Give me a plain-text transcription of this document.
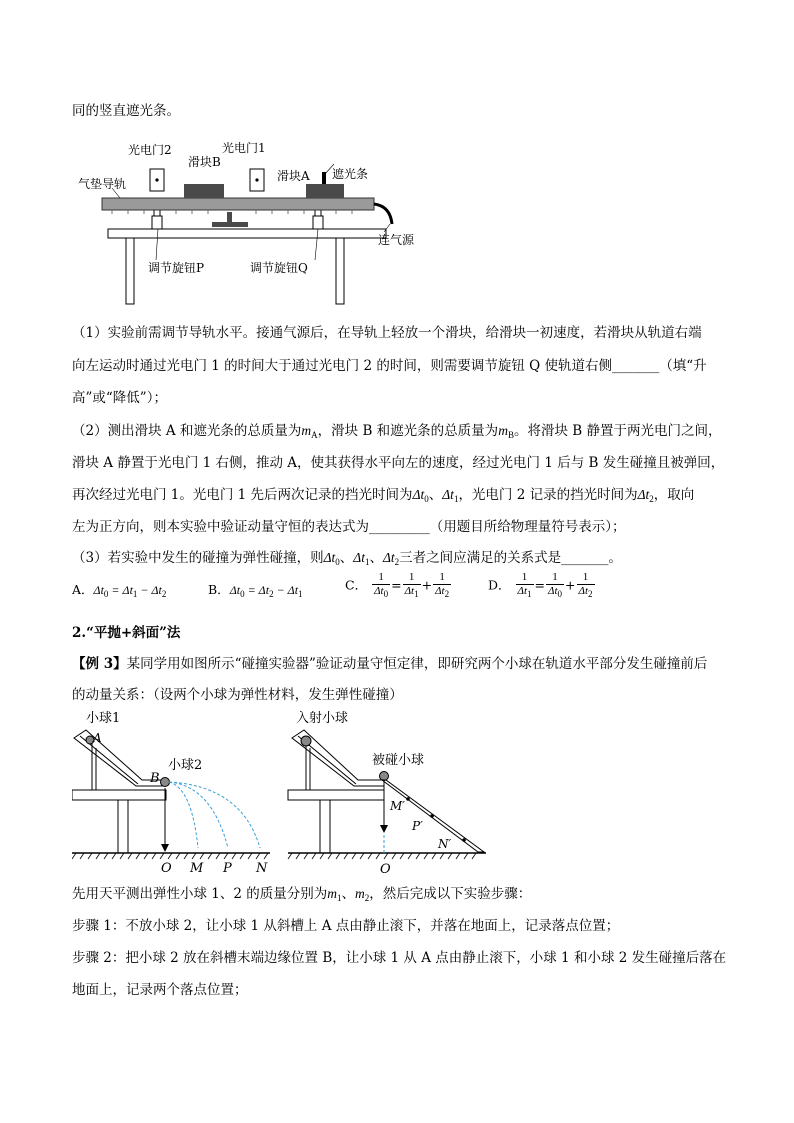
同的竖直遮光条。
光电门2
滑块B
光电门1
滑块A 遮光条
气垫导轨
连气源
调节旋钮P	调节旋钮Q
（1）实验前需调节导轨水平。接通气源后，在导轨上轻放一个滑块，给滑块一初速度，若滑块从轨道右端
向左运动时通过光电门 1 的时间大于通过光电门 2 的时间，则需要调节旋钮 Q 使轨道右侧_______（填“升
高”或“降低”）；
（2）测出滑块 A 和遮光条的总质量为$m_A$，滑块 B 和遮光条的总质量为$m_B$。将滑块 B 静置于两光电门之间，
滑块 A 静置于光电门 1 右侧，推动 A，使其获得水平向左的速度，经过光电门 1 后与 B 发生碰撞且被弹回，
再次经过光电门 1。光电门 1 先后两次记录的挡光时间为$\Delta t_0$、$\Delta t_1$，光电门 2 记录的挡光时间为$\Delta t_2$，取向
左为正方向，则本实验中验证动量守恒的表达式为_________（用题目所给物理量符号表示）；
（3）若实验中发生的碰撞为弹性碰撞，则$\Delta t_0$、$\Delta t_1$、$\Delta t_2$三者之间应满足的关系式是_______。
A．$\Delta t_0 = \Delta t_1 - \Delta t_2$	B．$\Delta t_0 = \Delta t_2 - \Delta t_1$
C． $\frac{1}{\Delta t_0} = \frac{1}{\Delta t_1} + \frac{1}{\Delta t_2}$	D． $\frac{1}{\Delta t_1} = \frac{1}{\Delta t_0} + \frac{1}{\Delta t_2}$
2.“平抛+斜面”法
【例 3】某同学用如图所示“碰撞实验器”验证动量守恒定律，即研究两个小球在轨道水平部分发生碰撞前后
的动量关系：（设两个小球为弹性材料，发生弹性碰撞）
小球1
A
B
小球2
O M P N
入射小球
被碰小球
M′
P′
N′
O
先用天平测出弹性小球 1、2 的质量分别为$m_1$、$m_2$，然后完成以下实验步骤：
步骤 1：不放小球 2，让小球 1 从斜槽上 A 点由静止滚下，并落在地面上，记录落点位置；
步骤 2：把小球 2 放在斜槽末端边缘位置 B，让小球 1 从 A 点由静止滚下，小球 1 和小球 2 发生碰撞后落在
地面上，记录两个落点位置；
